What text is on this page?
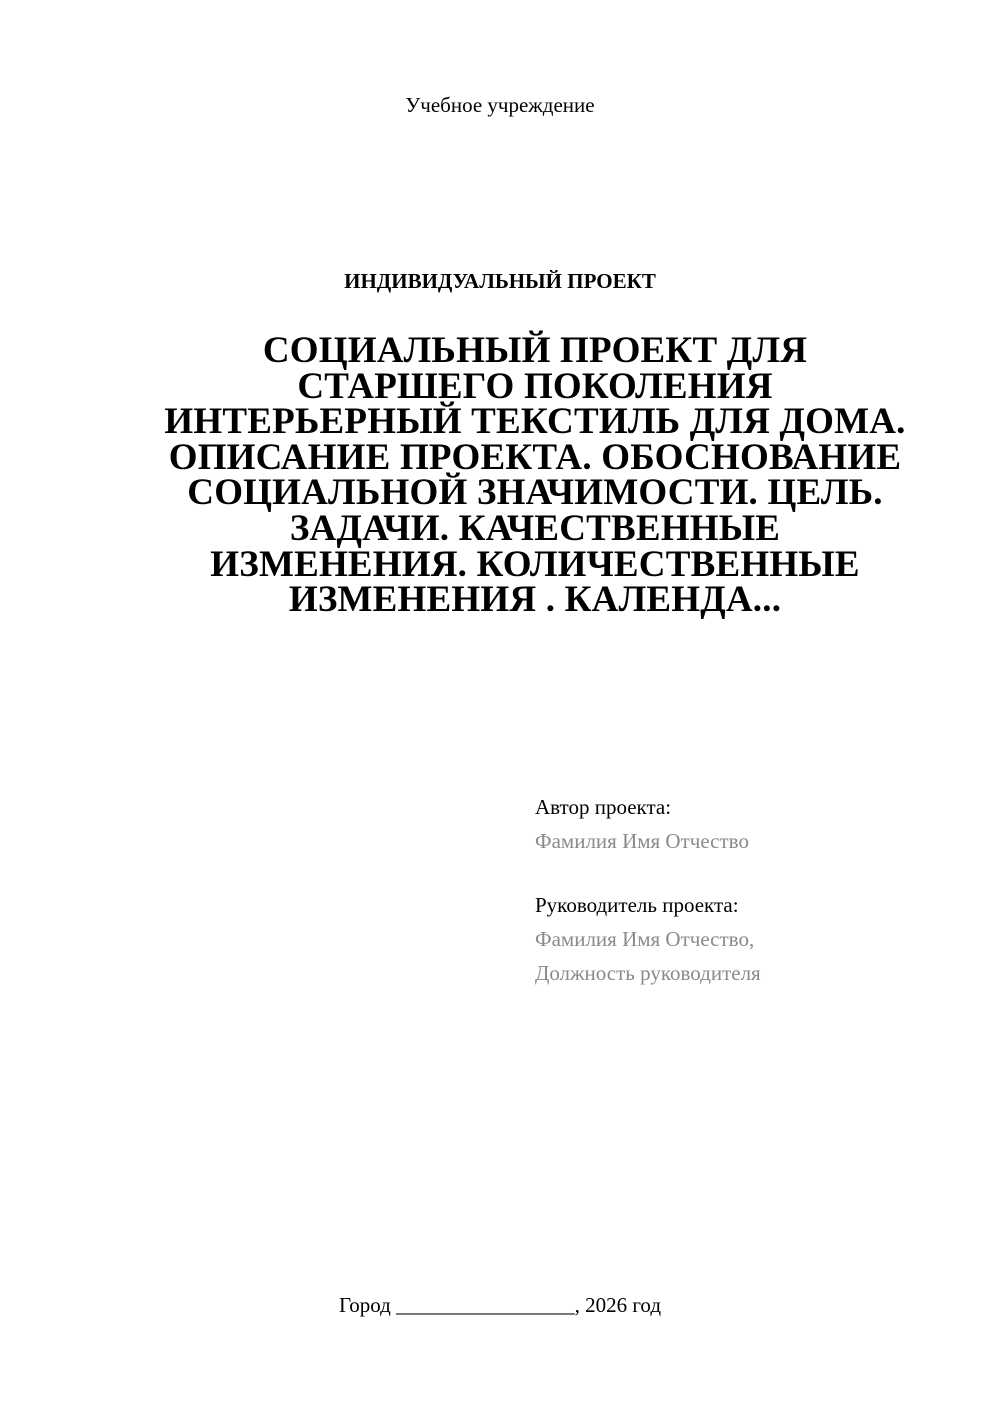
Учебное учреждение
ИНДИВИДУАЛЬНЫЙ ПРОЕКТ
СОЦИАЛЬНЫЙ ПРОЕКТ ДЛЯ
СТАРШЕГО ПОКОЛЕНИЯ
ИНТЕРЬЕРНЫЙ ТЕКСТИЛЬ ДЛЯ ДОМА.
ОПИСАНИЕ ПРОЕКТА. ОБОСНОВАНИЕ
СОЦИАЛЬНОЙ ЗНАЧИМОСТИ. ЦЕЛЬ.
ЗАДАЧИ. КАЧЕСТВЕННЫЕ
ИЗМЕНЕНИЯ. КОЛИЧЕСТВЕННЫЕ
ИЗМЕНЕНИЯ . КАЛЕНДА...
Автор проекта:
Фамилия Имя Отчество
Руководитель проекта:
Фамилия Имя Отчество,
Должность руководителя
Город _________________, 2026 год
